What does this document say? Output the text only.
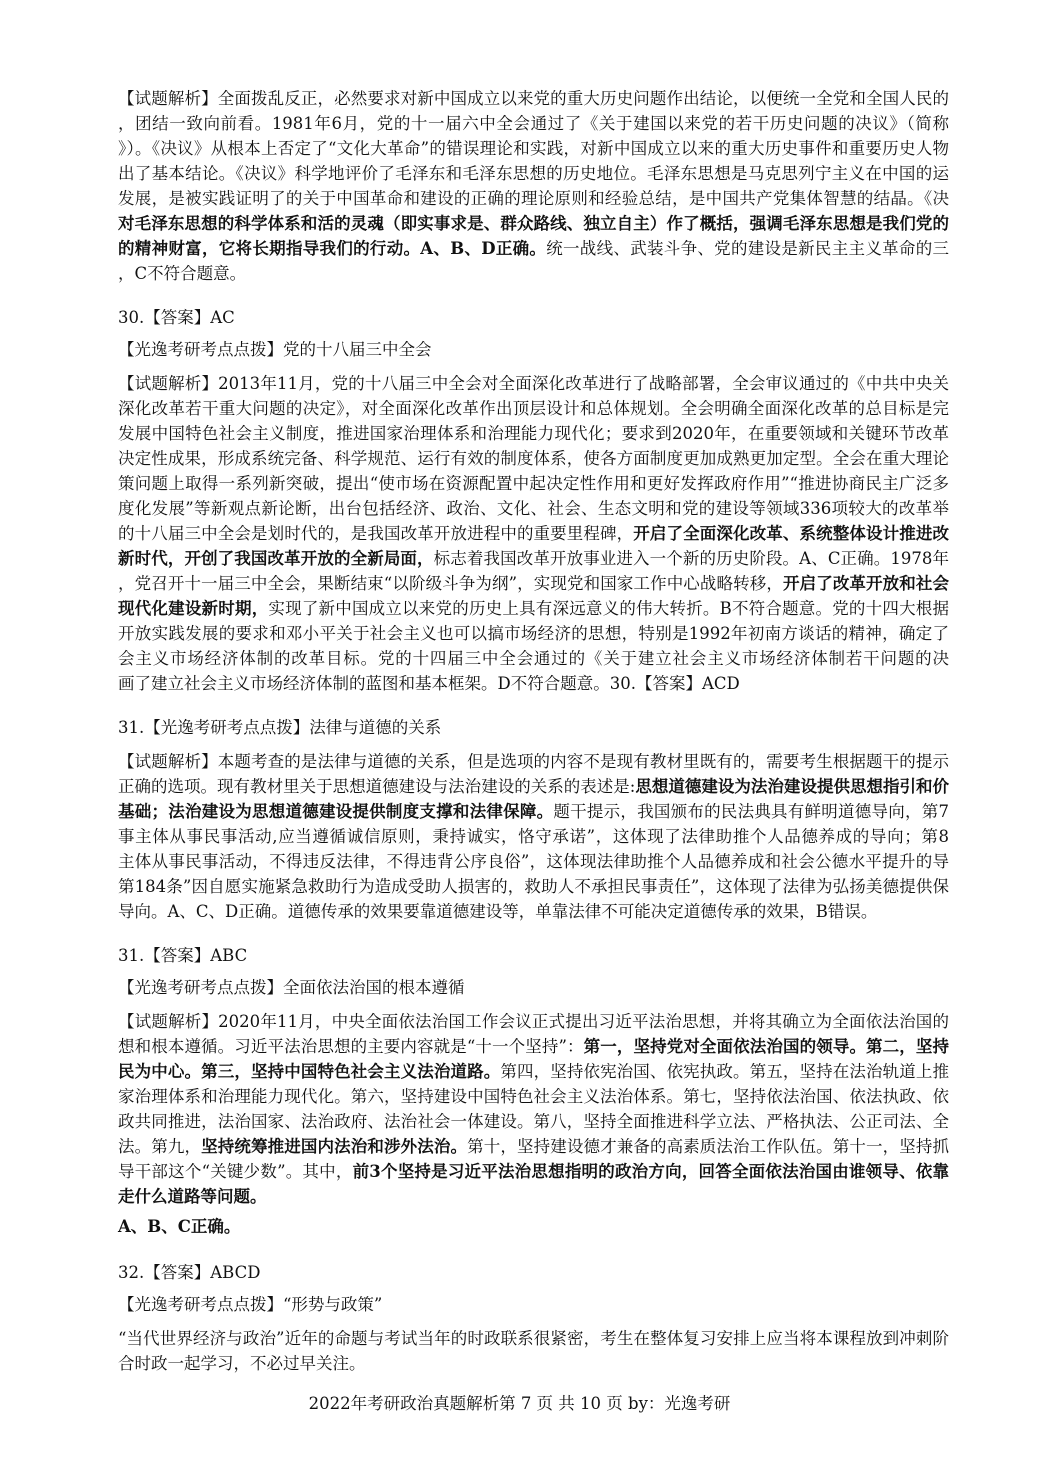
【试题解析】全面拨乱反正，必然要求对新中国成立以来党的重大历史问题作出结论，以便统一全党和全国人民的
，团结一致向前看。1981年6月，党的十一届六中全会通过了《关于建国以来党的若干历史问题的决议》（简称
》）。《决议》从根本上否定了“文化大革命”的错误理论和实践，对新中国成立以来的重大历史事件和重要历史人物
出了基本结论。《决议》科学地评价了毛泽东和毛泽东思想的历史地位。毛泽东思想是马克思列宁主义在中国的运
发展，是被实践证明了的关于中国革命和建设的正确的理论原则和经验总结，是中国共产党集体智慧的结晶。《决
对毛泽东思想的科学体系和活的灵魂（即实事求是、群众路线、独立自主）作了概括，强调毛泽东思想是我们党的
的精神财富，它将长期指导我们的行动。A、B、D正确。统一战线、武装斗争、党的建设是新民主主义革命的三
，C不符合题意。
30.【答案】AC
【光逸考研考点点拨】党的十八届三中全会
【试题解析】2013年11月，党的十八届三中全会对全面深化改革进行了战略部署，全会审议通过的《中共中央关
深化改革若干重大问题的决定》，对全面深化改革作出顶层设计和总体规划。全会明确全面深化改革的总目标是完
发展中国特色社会主义制度，推进国家治理体系和治理能力现代化；要求到2020年，在重要领域和关键环节改革
决定性成果，形成系统完备、科学规范、运行有效的制度体系，使各方面制度更加成熟更加定型。全会在重大理论
策问题上取得一系列新突破，提出“使市场在资源配置中起决定性作用和更好发挥政府作用”“推进协商民主广泛多
度化发展”等新观点新论断，出台包括经济、政治、文化、社会、生态文明和党的建设等领域336项较大的改革举
的十八届三中全会是划时代的，是我国改革开放进程中的重要里程碑，开启了全面深化改革、系统整体设计推进改
新时代，开创了我国改革开放的全新局面，标志着我国改革开放事业进入一个新的历史阶段。A、C正确。1978年
，党召开十一届三中全会，果断结束“以阶级斗争为纲”，实现党和国家工作中心战略转移，开启了改革开放和社会
现代化建设新时期，实现了新中国成立以来党的历史上具有深远意义的伟大转折。B不符合题意。党的十四大根据
开放实践发展的要求和邓小平关于社会主义也可以搞市场经济的思想，特别是1992年初南方谈话的精神，确定了
会主义市场经济体制的改革目标。党的十四届三中全会通过的《关于建立社会主义市场经济体制若干问题的决
画了建立社会主义市场经济体制的蓝图和基本框架。D不符合题意。30.【答案】ACD
31.【光逸考研考点点拨】法律与道德的关系
【试题解析】本题考查的是法律与道德的关系，但是选项的内容不是现有教材里既有的，需要考生根据题干的提示
正确的选项。现有教材里关于思想道德建设与法治建设的关系的表述是:思想道德建设为法治建设提供思想指引和价
基础；法治建设为思想道德建设提供制度支撑和法律保障。题干提示，我国颁布的民法典具有鲜明道德导向，第7
事主体从事民事活动,应当遵循诚信原则，秉持诚实，恪守承诺”，这体现了法律助推个人品德养成的导向；第8
主体从事民事活动，不得违反法律，不得违背公序良俗”，这体现法律助推个人品德养成和社会公德水平提升的导
第184条”因自愿实施紧急救助行为造成受助人损害的，救助人不承担民事责任”，这体现了法律为弘扬美德提供保
导向。A、C、D正确。道德传承的效果要靠道德建设等，单靠法律不可能决定道德传承的效果，B错误。
31.【答案】ABC
【光逸考研考点点拨】全面依法治国的根本遵循
【试题解析】2020年11月，中央全面依法治国工作会议正式提出习近平法治思想，并将其确立为全面依法治国的
想和根本遵循。习近平法治思想的主要内容就是“十一个坚持”：第一，坚持党对全面依法治国的领导。第二，坚持
民为中心。第三，坚持中国特色社会主义法治道路。第四，坚持依宪治国、依宪执政。第五，坚持在法治轨道上推
家治理体系和治理能力现代化。第六，坚持建设中国特色社会主义法治体系。第七，坚持依法治国、依法执政、依
政共同推进，法治国家、法治政府、法治社会一体建设。第八，坚持全面推进科学立法、严格执法、公正司法、全
法。第九，坚持统筹推进国内法治和涉外法治。第十，坚持建设德才兼备的高素质法治工作队伍。第十一，坚持抓
导干部这个“关键少数”。其中，前3个坚持是习近平法治思想指明的政治方向，回答全面依法治国由谁领导、依靠
走什么道路等问题。
A、B、C正确。
32.【答案】ABCD
【光逸考研考点点拨】“形势与政策”
“当代世界经济与政治”近年的命题与考试当年的时政联系很紧密，考生在整体复习安排上应当将本课程放到冲刺阶
合时政一起学习，不必过早关注。
2022年考研政治真题解析第 7 页 共 10 页 by：光逸考研
